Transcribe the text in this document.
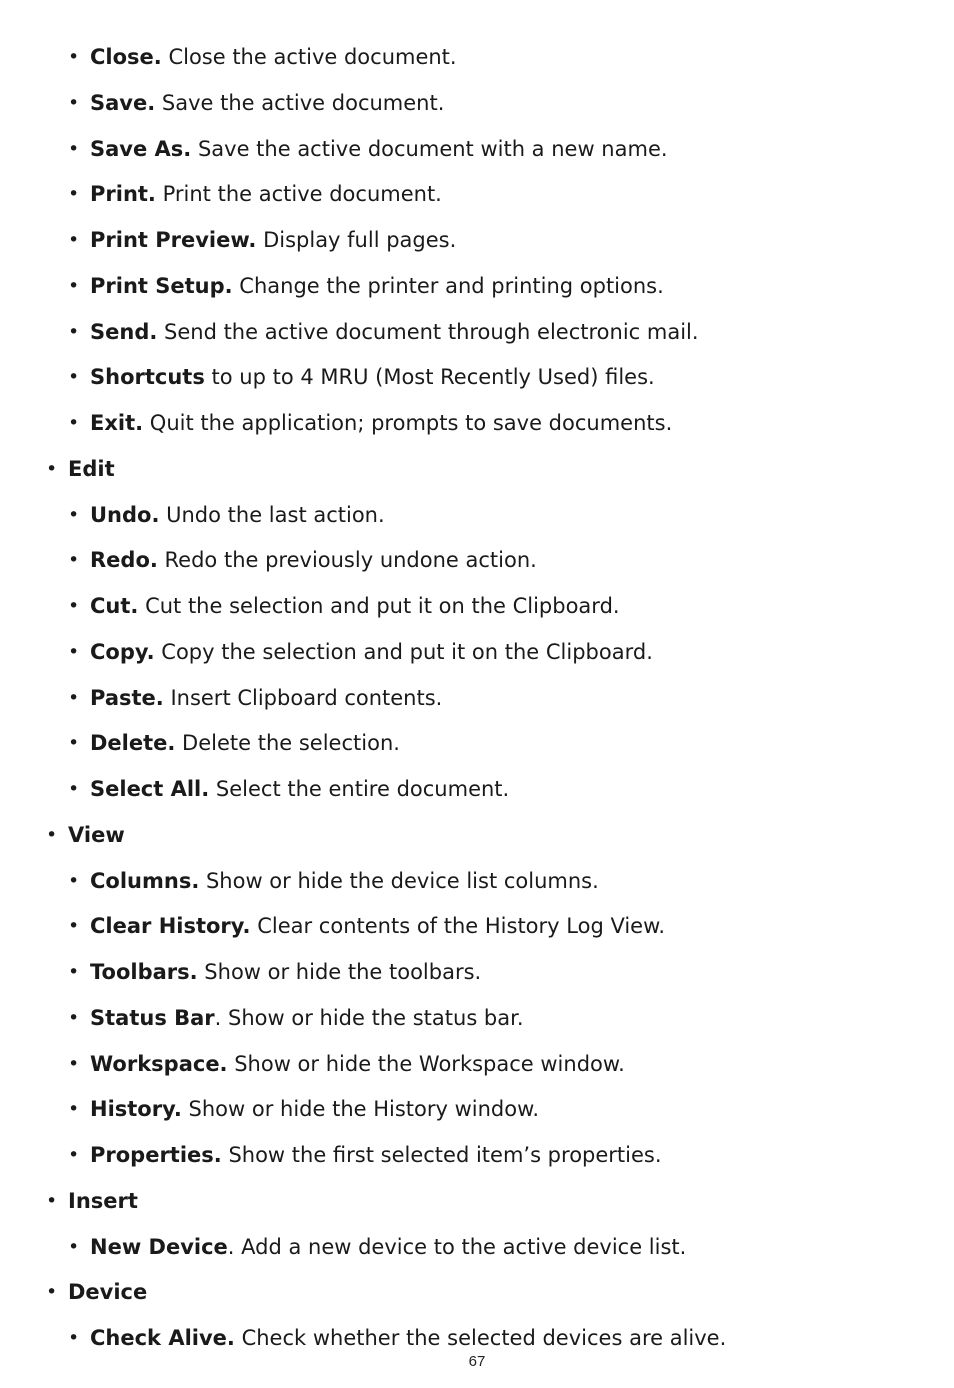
• Close. Close the active document.
• Save. Save the active document.
• Save As. Save the active document with a new name.
• Print. Print the active document.
• Print Preview. Display full pages.
• Print Setup. Change the printer and printing options.
• Send. Send the active document through electronic mail.
• Shortcuts to up to 4 MRU (Most Recently Used) files.
• Exit. Quit the application; prompts to save documents.
• Edit
• Undo. Undo the last action.
• Redo. Redo the previously undone action.
• Cut. Cut the selection and put it on the Clipboard.
• Copy. Copy the selection and put it on the Clipboard.
• Paste. Insert Clipboard contents.
• Delete. Delete the selection.
• Select All. Select the entire document.
• View
• Columns. Show or hide the device list columns.
• Clear History. Clear contents of the History Log View.
• Toolbars. Show or hide the toolbars.
• Status Bar. Show or hide the status bar.
• Workspace. Show or hide the Workspace window.
• History. Show or hide the History window.
• Properties. Show the first selected item’s properties.
• Insert
• New Device. Add a new device to the active device list.
• Device
• Check Alive. Check whether the selected devices are alive.
67
